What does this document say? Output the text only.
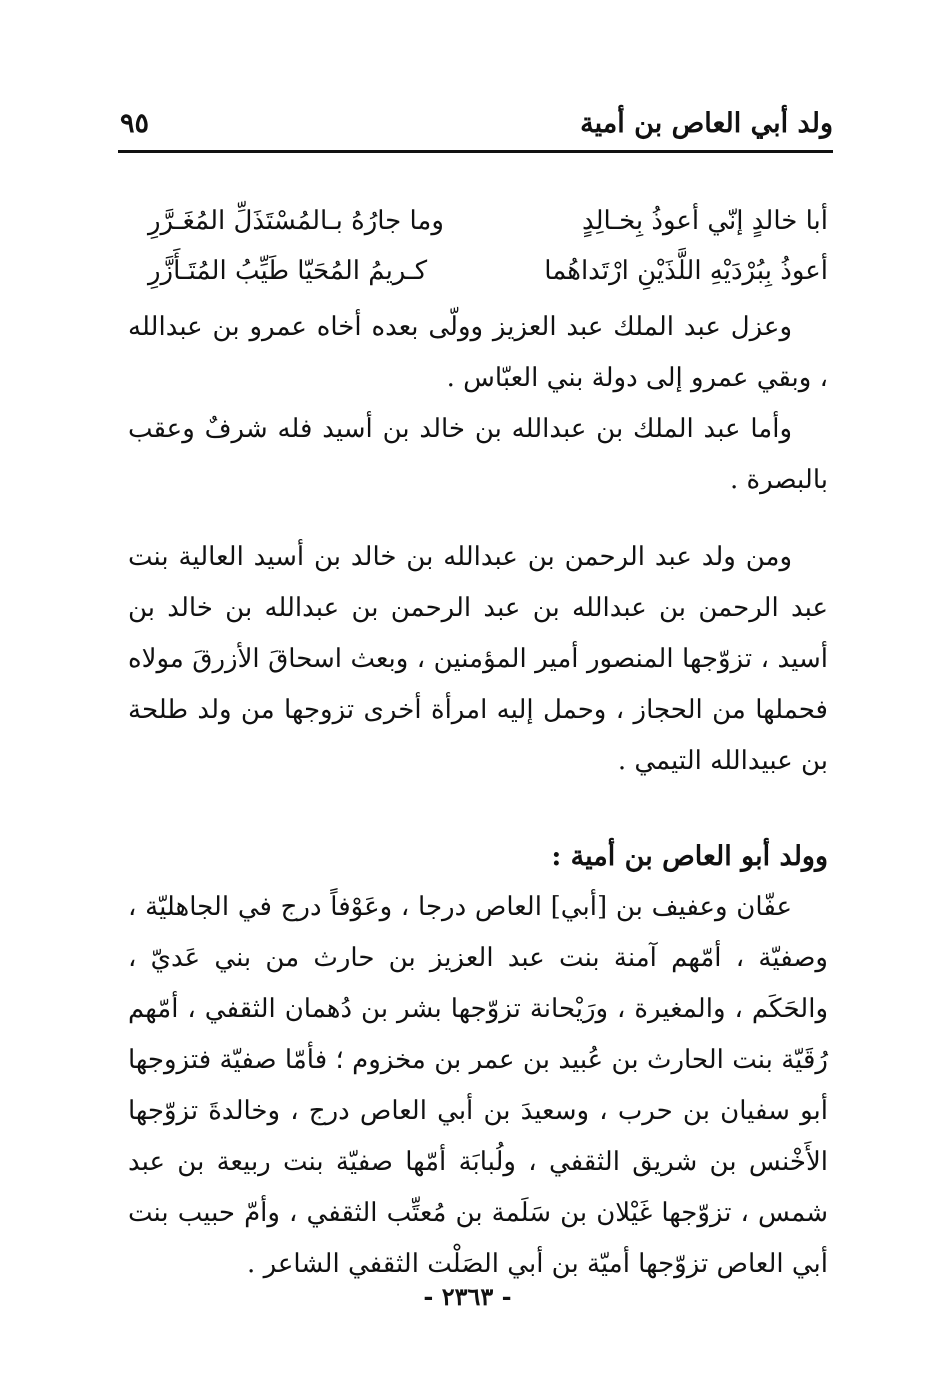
ولد أبي العاص بن أمية
٩٥
أبا خالدٍ إنّي أعوذُ بِخـالِدٍ
وما جارُهُ بـالمُسْتَذَلِّ المُغَـرَّرِ
أعوذُ بِبُرْدَيْهِ اللَّذَيْنِ ارْتَداهُما
كـريمُ المُحَيّا طَيِّبُ المُتَـأَزَّرِ

وعزل عبد الملك عبد العزيز وولّى بعده أخاه عمرو بن عبدالله ، وبقي عمرو إلى دولة بني العبّاس .

وأما عبد الملك بن عبدالله بن خالد بن أسيد فله شرفٌ وعقب بالبصرة .

ومن ولد عبد الرحمن بن عبدالله بن خالد بن أسيد العالية بنت عبد الرحمن بن عبدالله بن عبد الرحمن بن عبدالله بن خالد بن أسيد ، تزوّجها المنصور أمير المؤمنين ، وبعث اسحاقَ الأزرقَ مولاه فحملها من الحجاز ، وحمل إليه امرأة أخرى تزوجها من ولد طلحة بن عبيدالله التيمي .

وولد أبو العاص بن أمية :

عفّان وعفيف بن [أبي] العاص درجا ، وعَوْفاً درج في الجاهليّة ، وصفيّة ، أمّهم آمنة بنت عبد العزيز بن حارث من بني عَديّ ، والحَكَم ، والمغيرة ، ورَيْحانة تزوّجها بشر بن دُهمان الثقفي ، أمّهم رُقَيّة بنت الحارث بن عُبيد بن عمر بن مخزوم ؛ فأمّا صفيّة فتزوجها أبو سفيان بن حرب ، وسعيدَ بن أبي العاص درج ، وخالدةَ تزوّجها الأَخْنس بن شريق الثقفي ، ولُبابَة أمّها صفيّة بنت ربيعة بن عبد شمس ، تزوّجها غَيْلان بن سَلَمة بن مُعتِّب الثقفي ، وأمّ حبيب بنت أبي العاص تزوّجها أميّة بن أبي الصَلْت الثقفي الشاعر .

- ٢٣٦٣ -
